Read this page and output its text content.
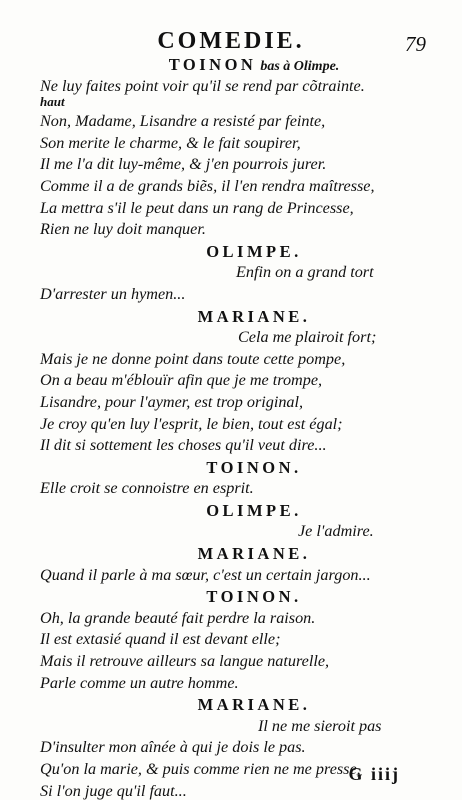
COMEDIE.	79
TOINON bas à Olimpe.
Ne luy faites point voir qu'il se rend par cõtrainte.
haut
Non, Madame, Lisandre a resisté par feinte,
Son merite le charme, & le fait soupirer,
Il me l'a dit luy-même, & j'en pourrois jurer.
Comme il a de grands biẽs, il l'en rendra maîtresse,
La mettra s'il le peut dans un rang de Princesse,
Rien ne luy doit manquer.
OLIMPE.
Enfin on a grand tort
D'arrester un hymen...
MARIANE.
Cela me plairoit fort;
Mais je ne donne point dans toute cette pompe,
On a beau m'éblouïr afin que je me trompe,
Lisandre, pour l'aymer, est trop original,
Je croy qu'en luy l'esprit, le bien, tout est égal;
Il dit si sottement les choses qu'il veut dire...
TOINON.
Elle croit se connoistre en esprit.
OLIMPE.
Je l'admire.
MARIANE.
Quand il parle à ma sœur, c'est un certain jargon...
TOINON.
Oh, la grande beauté fait perdre la raison.
Il est extasié quand il est devant elle;
Mais il retrouve ailleurs sa langue naturelle,
Parle comme un autre homme.
MARIANE.
Il ne me sieroit pas
D'insulter mon aînée à qui je dois le pas.
Qu'on la marie, & puis comme rien ne me presse,
Si l'on juge qu'il faut...
G iiij
